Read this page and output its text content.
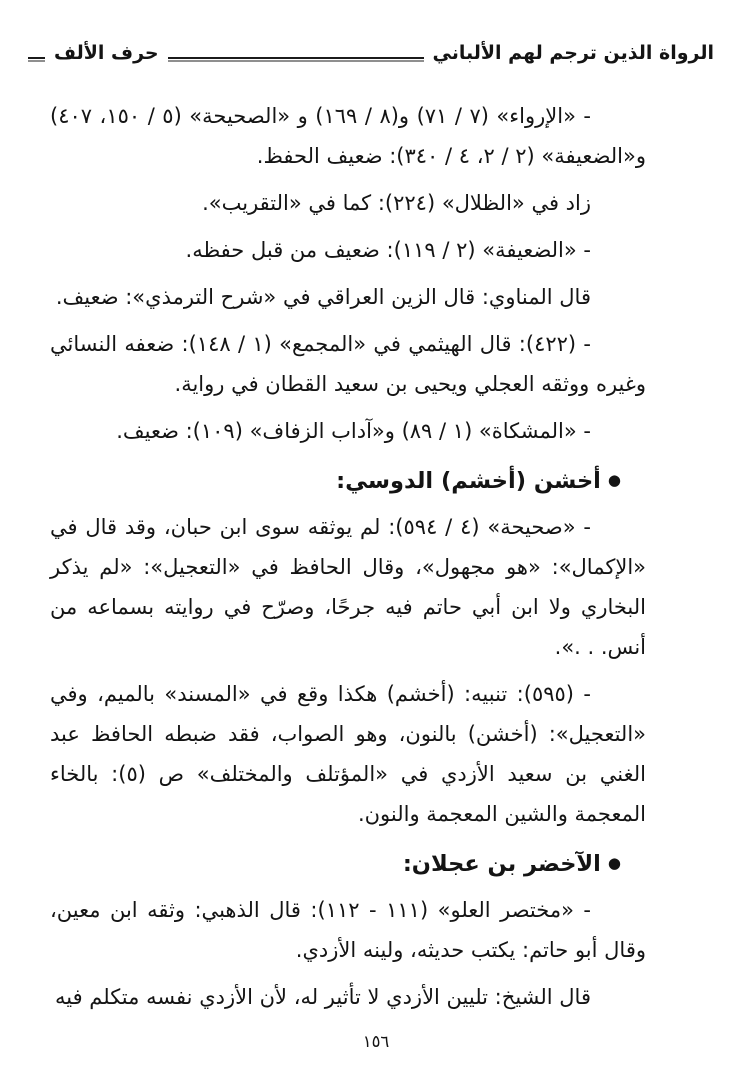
الرواة الذين ترجم لهم الألباني
حرف الألف

- «الإرواء» (٧ / ٧١) و(٨ / ١٦٩) و «الصحيحة» (٥ / ١٥٠، ٤٠٧) و«الضعيفة» (٢ / ٢، ٤ / ٣٤٠): ضعيف الحفظ.

زاد في «الظلال» (٢٢٤): كما في «التقريب».

- «الضعيفة» (٢ / ١١٩): ضعيف من قبل حفظه.

قال المناوي: قال الزين العراقي في «شرح الترمذي»: ضعيف.

- (٤٢٢): قال الهيثمي في «المجمع» (١ / ١٤٨): ضعفه النسائي وغيره ووثقه العجلي ويحيى بن سعيد القطان في رواية.

- «المشكاة» (١ / ٨٩) و«آداب الزفاف» (١٠٩): ضعيف.

●أخشن (أخشم) الدوسي:

- «صحيحة» (٤ / ٥٩٤): لم يوثقه سوى ابن حبان، وقد قال في «الإكمال»: «هو مجهول»، وقال الحافظ في «التعجيل»: «لم يذكر البخاري ولا ابن أبي حاتم فيه جرحًا، وصرّح في روايته بسماعه من أنس. . .».

- (٥٩٥): تنبيه: (أخشم) هكذا وقع في «المسند» بالميم، وفي «التعجيل»: (أخشن) بالنون، وهو الصواب، فقد ضبطه الحافظ عبد الغني بن سعيد الأزدي في «المؤتلف والمختلف» ص (٥): بالخاء المعجمة والشين المعجمة والنون.

●الآخضر بن عجلان:

- «مختصر العلو» (١١١ - ١١٢): قال الذهبي: وثقه ابن معين، وقال أبو حاتم: يكتب حديثه، ولينه الأزدي.

قال الشيخ: تليين الأزدي لا تأثير له، لأن الأزدي نفسه متكلم فيه

١٥٦
